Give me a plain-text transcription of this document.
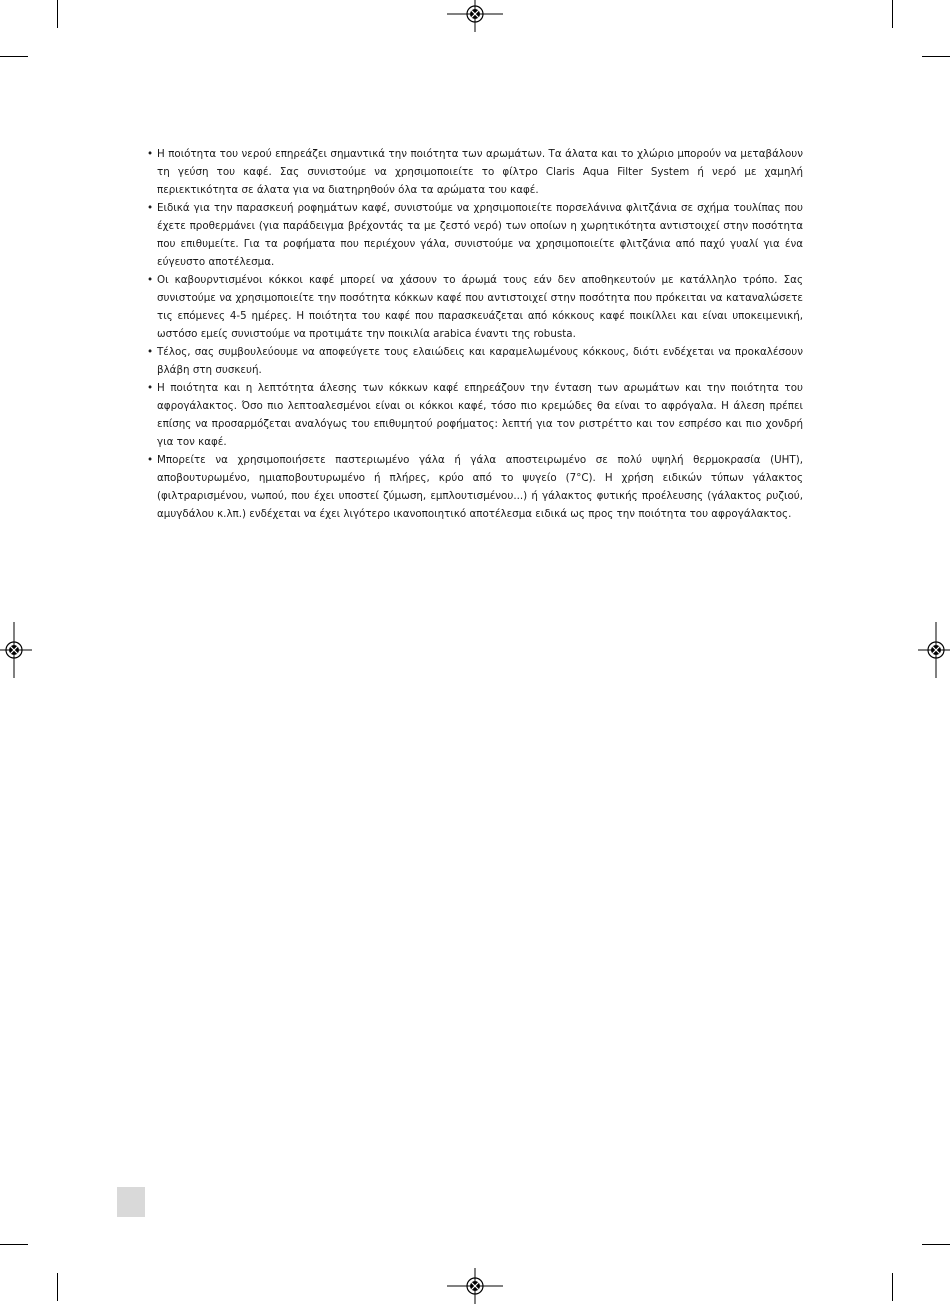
• Η ποιότητα του νερού επηρεάζει σημαντικά την ποιότητα των αρωμάτων. Τα άλατα και το χλώριο μπορούν να μεταβάλουν τη γεύση του καφέ. Σας συνιστούμε να χρησιμοποιείτε το φίλτρο Claris Aqua Filter System ή νερό με χαμηλή περιεκτικότητα σε άλατα για να διατηρηθούν όλα τα αρώματα του καφέ.
• Ειδικά για την παρασκευή ροφημάτων καφέ, συνιστούμε να χρησιμοποιείτε πορσελάνινα φλιτζάνια σε σχήμα τουλίπας που έχετε προθερμάνει (για παράδειγμα βρέχοντάς τα με ζεστό νερό) των οποίων η χωρητικότητα αντιστοιχεί στην ποσότητα που επιθυμείτε. Για τα ροφήματα που περιέχουν γάλα, συνιστούμε να χρησιμοποιείτε φλιτζάνια από παχύ γυαλί για ένα εύγευστο αποτέλεσμα.
• Οι καβουρντισμένοι κόκκοι καφέ μπορεί να χάσουν το άρωμά τους εάν δεν αποθηκευτούν με κατάλληλο τρόπο. Σας συνιστούμε να χρησιμοποιείτε την ποσότητα κόκκων καφέ που αντιστοιχεί στην ποσότητα που πρόκειται να καταναλώσετε τις επόμενες 4-5 ημέρες. Η ποιότητα του καφέ που παρασκευάζεται από κόκκους καφέ ποικίλλει και είναι υποκειμενική, ωστόσο εμείς συνιστούμε να προτιμάτε την ποικιλία arabica έναντι της robusta.
• Τέλος, σας συμβουλεύουμε να αποφεύγετε τους ελαιώδεις και καραμελωμένους κόκκους, διότι ενδέχεται να προκαλέσουν βλάβη στη συσκευή.
• Η ποιότητα και η λεπτότητα άλεσης των κόκκων καφέ επηρεάζουν την ένταση των αρωμάτων και την ποιότητα του αφρογάλακτος. Όσο πιο λεπτοαλεσμένοι είναι οι κόκκοι καφέ, τόσο πιο κρεμώδες θα είναι το αφρόγαλα. Η άλεση πρέπει επίσης να προσαρμόζεται αναλόγως του επιθυμητού ροφήματος: λεπτή για τον ριστρέττο και τον εσπρέσο και πιο χονδρή για τον καφέ.
• Μπορείτε να χρησιμοποιήσετε παστεριωμένο γάλα ή γάλα αποστειρωμένο σε πολύ υψηλή θερμοκρασία (UHT), αποβουτυρωμένο, ημιαποβουτυρωμένο ή πλήρες, κρύο από το ψυγείο (7°C). Η χρήση ειδικών τύπων γάλακτος (φιλτραρισμένου, νωπού, που έχει υποστεί ζύμωση, εμπλουτισμένου...) ή γάλακτος φυτικής προέλευσης (γάλακτος ρυζιού, αμυγδάλου κ.λπ.) ενδέχεται να έχει λιγότερο ικανοποιητικό αποτέλεσμα ειδικά ως προς την ποιότητα του αφρογάλακτος.
